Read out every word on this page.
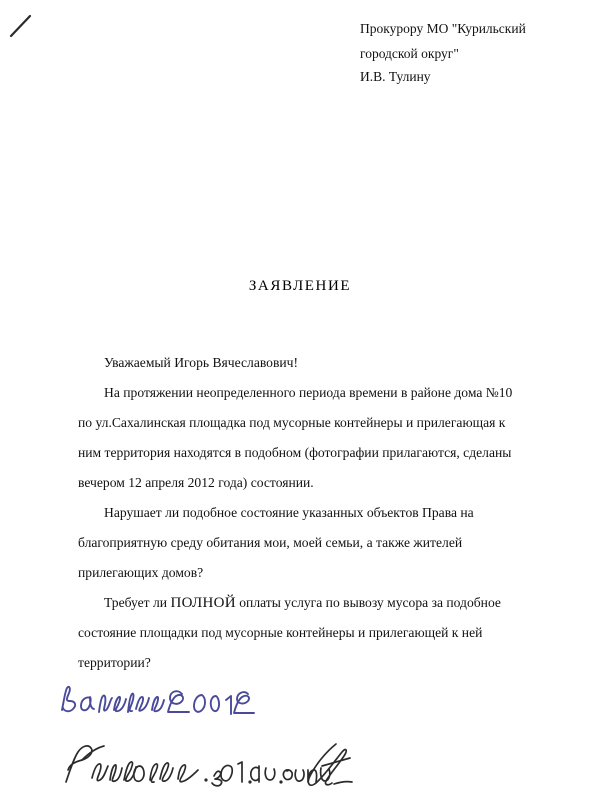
Прокурору МО "Курильский
городской округ"
И.В. Тулину
ЗАЯВЛЕНИЕ

Уважаемый Игорь Вячеславович!

На протяжении неопределенного периода времени в районе дома №10 по ул.Сахалинская площадка под мусорные контейнеры и прилегающая к ним территория находятся в подобном (фотографии прилагаются, сделаны вечером 12 апреля 2012 года) состоянии.

Нарушает ли подобное состояние указанных объектов Права на благоприятную среду обитания мои, моей семьи, а также жителей прилегающих домов?

Требует ли ПОЛНОЙ оплаты услуга по вывозу мусора за подобное состояние площадки под мусорные контейнеры и прилегающей к ней территории?
